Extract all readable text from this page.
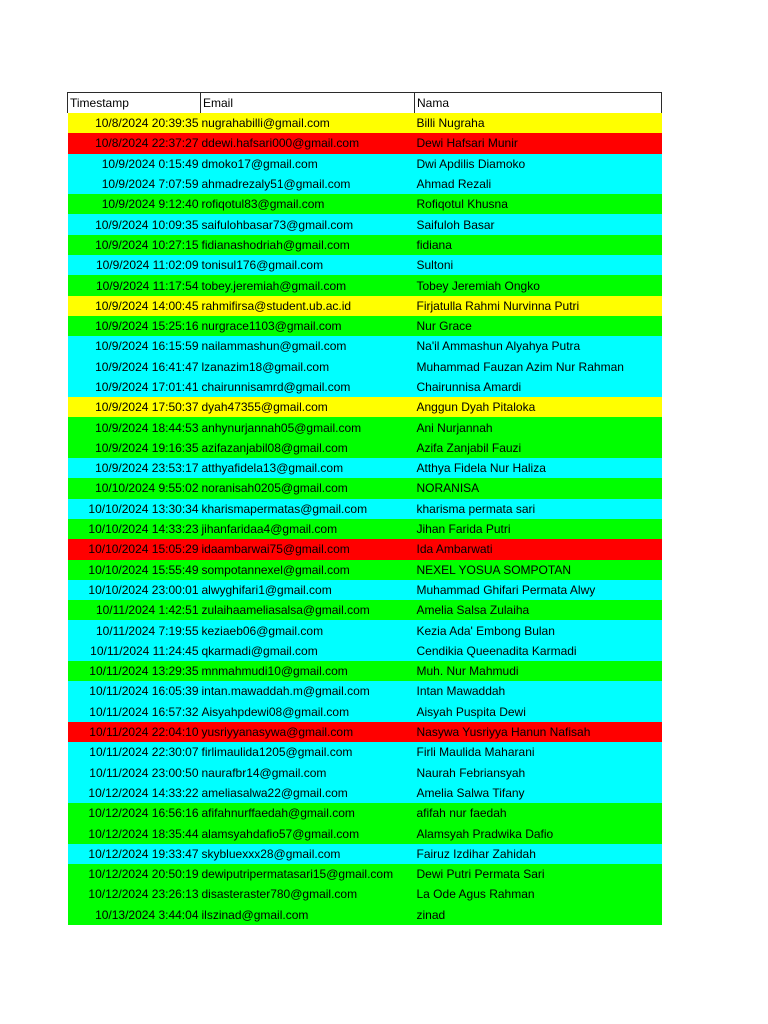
Timestamp	Email	Nama
10/8/2024 20:39:35	nugrahabilli@gmail.com	Billi Nugraha
10/8/2024 22:37:27	ddewi.hafsari000@gmail.com	Dewi Hafsari Munir
10/9/2024 0:15:49	dmoko17@gmail.com	Dwi Apdilis Diamoko
10/9/2024 7:07:59	ahmadrezaly51@gmail.com	Ahmad Rezali
10/9/2024 9:12:40	rofiqotul83@gmail.com	Rofiqotul Khusna
10/9/2024 10:09:35	saifulohbasar73@gmail.com	Saifuloh Basar
10/9/2024 10:27:15	fidianashodriah@gmail.com	fidiana
10/9/2024 11:02:09	tonisul176@gmail.com	Sultoni
10/9/2024 11:17:54	tobey.jeremiah@gmail.com	Tobey Jeremiah Ongko
10/9/2024 14:00:45	rahmifirsa@student.ub.ac.id	Firjatulla Rahmi Nurvinna Putri
10/9/2024 15:25:16	nurgrace1103@gmail.com	Nur Grace
10/9/2024 16:15:59	nailammashun@gmail.com	Na'il Ammashun Alyahya Putra
10/9/2024 16:41:47	lzanazim18@gmail.com	Muhammad Fauzan Azim Nur Rahman
10/9/2024 17:01:41	chairunnisamrd@gmail.com	Chairunnisa Amardi
10/9/2024 17:50:37	dyah47355@gmail.com	Anggun Dyah Pitaloka
10/9/2024 18:44:53	anhynurjannah05@gmail.com	Ani Nurjannah
10/9/2024 19:16:35	azifazanjabil08@gmail.com	Azifa Zanjabil Fauzi
10/9/2024 23:53:17	atthyafidela13@gmail.com	Atthya Fidela Nur Haliza
10/10/2024 9:55:02	noranisah0205@gmail.com	NORANISA
10/10/2024 13:30:34	kharismapermatas@gmail.com	kharisma permata sari
10/10/2024 14:33:23	jihanfaridaa4@gmail.com	Jihan Farida Putri
10/10/2024 15:05:29	idaambarwai75@gmail.com	Ida Ambarwati
10/10/2024 15:55:49	sompotannexel@gmail.com	NEXEL YOSUA SOMPOTAN
10/10/2024 23:00:01	alwyghifari1@gmail.com	Muhammad Ghifari Permata Alwy
10/11/2024 1:42:51	zulaihaameliasalsa@gmail.com	Amelia Salsa Zulaiha
10/11/2024 7:19:55	keziaeb06@gmail.com	Kezia Ada' Embong Bulan
10/11/2024 11:24:45	qkarmadi@gmail.com	Cendikia Queenadita Karmadi
10/11/2024 13:29:35	mnmahmudi10@gmail.com	Muh. Nur Mahmudi
10/11/2024 16:05:39	intan.mawaddah.m@gmail.com	Intan Mawaddah
10/11/2024 16:57:32	Aisyahpdewi08@gmail.com	Aisyah Puspita Dewi
10/11/2024 22:04:10	yusriyyanasywa@gmail.com	Nasywa Yusriyya Hanun Nafisah
10/11/2024 22:30:07	firlimaulida1205@gmail.com	Firli Maulida Maharani
10/11/2024 23:00:50	naurafbr14@gmail.com	Naurah Febriansyah
10/12/2024 14:33:22	ameliasalwa22@gmail.com	Amelia Salwa Tifany
10/12/2024 16:56:16	afifahnurffaedah@gmail.com	afifah nur faedah
10/12/2024 18:35:44	alamsyahdafio57@gmail.com	Alamsyah Pradwika Dafio
10/12/2024 19:33:47	skybluexxx28@gmail.com	Fairuz Izdihar Zahidah
10/12/2024 20:50:19	dewiputripermatasari15@gmail.com	Dewi Putri Permata Sari
10/12/2024 23:26:13	disasteraster780@gmail.com	La Ode Agus Rahman
10/13/2024 3:44:04	ilszinad@gmail.com	zinad
